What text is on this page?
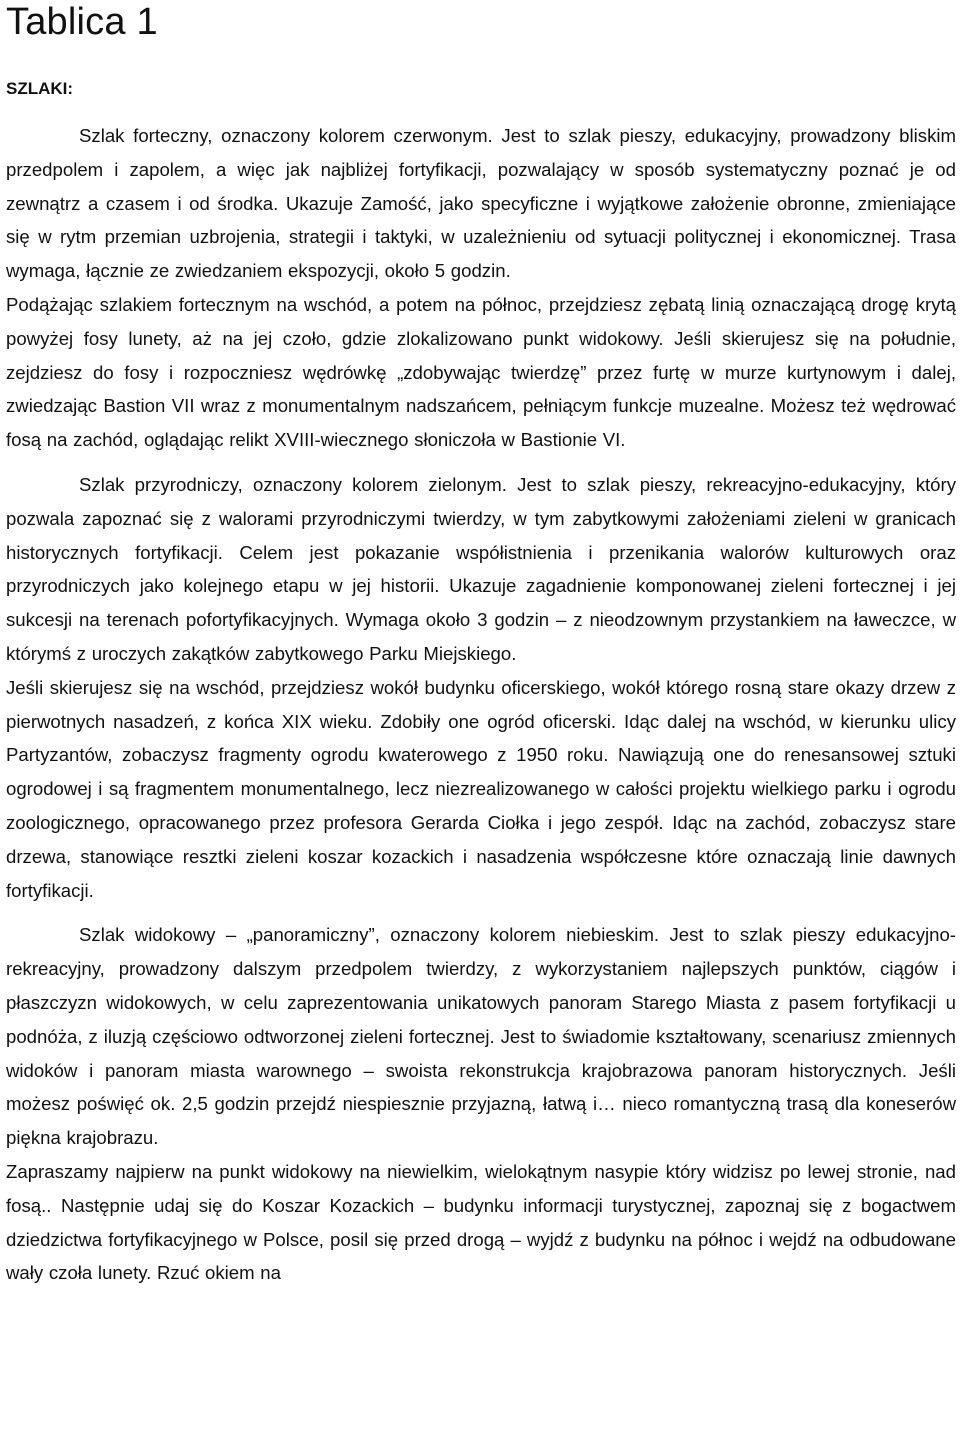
Tablica 1
SZLAKI:

Szlak forteczny, oznaczony kolorem czerwonym. Jest to szlak pieszy, edukacyjny, prowadzony bliskim przedpolem i zapolem, a więc jak najbliżej fortyfikacji, pozwalający w sposób systematyczny poznać je od zewnątrz a czasem i od środka. Ukazuje Zamość, jako specyficzne i wyjątkowe założenie obronne, zmieniające się w rytm przemian uzbrojenia, strategii i taktyki, w uzależnieniu od sytuacji politycznej i ekonomicznej. Trasa wymaga, łącznie ze zwiedzaniem ekspozycji, około 5 godzin.

Podążając szlakiem fortecznym na wschód, a potem na północ, przejdziesz zębatą linią oznaczającą drogę krytą powyżej fosy lunety, aż na jej czoło, gdzie zlokalizowano punkt widokowy. Jeśli skierujesz się na południe, zejdziesz do fosy i rozpoczniesz wędrówkę „zdobywając twierdzę” przez furtę w murze kurtynowym i dalej, zwiedzając Bastion VII wraz z monumentalnym nadszańcem, pełniącym funkcje muzealne. Możesz też wędrować fosą na zachód, oglądając relikt XVIII-wiecznego słoniczoła w Bastionie VI.

Szlak przyrodniczy, oznaczony kolorem zielonym. Jest to szlak pieszy, rekreacyjno-edukacyjny, który pozwala zapoznać się z walorami przyrodniczymi twierdzy, w tym zabytkowymi założeniami zieleni w granicach historycznych fortyfikacji. Celem jest pokazanie współistnienia i przenikania walorów kulturowych oraz przyrodniczych jako kolejnego etapu w jej historii. Ukazuje zagadnienie komponowanej zieleni fortecznej i jej sukcesji na terenach pofortyfikacyjnych. Wymaga około 3 godzin – z nieodzownym przystankiem na ławeczce, w którymś z uroczych zakątków zabytkowego Parku Miejskiego.

Jeśli skierujesz się na wschód, przejdziesz wokół budynku oficerskiego, wokół którego rosną stare okazy drzew z pierwotnych nasadzeń, z końca XIX wieku. Zdobiły one ogród oficerski. Idąc dalej na wschód, w kierunku ulicy Partyzantów, zobaczysz fragmenty ogrodu kwaterowego z 1950 roku. Nawiązują one do renesansowej sztuki ogrodowej i są fragmentem monumentalnego, lecz niezrealizowanego w całości projektu wielkiego parku i ogrodu zoologicznego, opracowanego przez profesora Gerarda Ciołka i jego zespół. Idąc na zachód, zobaczysz stare drzewa, stanowiące resztki zieleni koszar kozackich i nasadzenia współczesne które oznaczają linie dawnych fortyfikacji.

Szlak widokowy – „panoramiczny”, oznaczony kolorem niebieskim. Jest to szlak pieszy edukacyjno-rekreacyjny, prowadzony dalszym przedpolem twierdzy, z wykorzystaniem najlepszych punktów, ciągów i płaszczyzn widokowych, w celu zaprezentowania unikatowych panoram Starego Miasta z pasem fortyfikacji u podnóża, z iluzją częściowo odtworzonej zieleni fortecznej. Jest to świadomie kształtowany, scenariusz zmiennych widoków i panoram miasta warownego – swoista rekonstrukcja krajobrazowa panoram historycznych. Jeśli możesz poświęć ok. 2,5 godzin przejdź niespiesznie przyjazną, łatwą i… nieco romantyczną trasą dla koneserów piękna krajobrazu.

Zapraszamy najpierw na punkt widokowy na niewielkim, wielokątnym nasypie który widzisz po lewej stronie, nad fosą.. Następnie udaj się do Koszar Kozackich – budynku informacji turystycznej, zapoznaj się z bogactwem dziedzictwa fortyfikacyjnego w Polsce, posil się przed drogą – wyjdź z budynku na północ i wejdź na odbudowane wały czoła lunety. Rzuć okiem na
